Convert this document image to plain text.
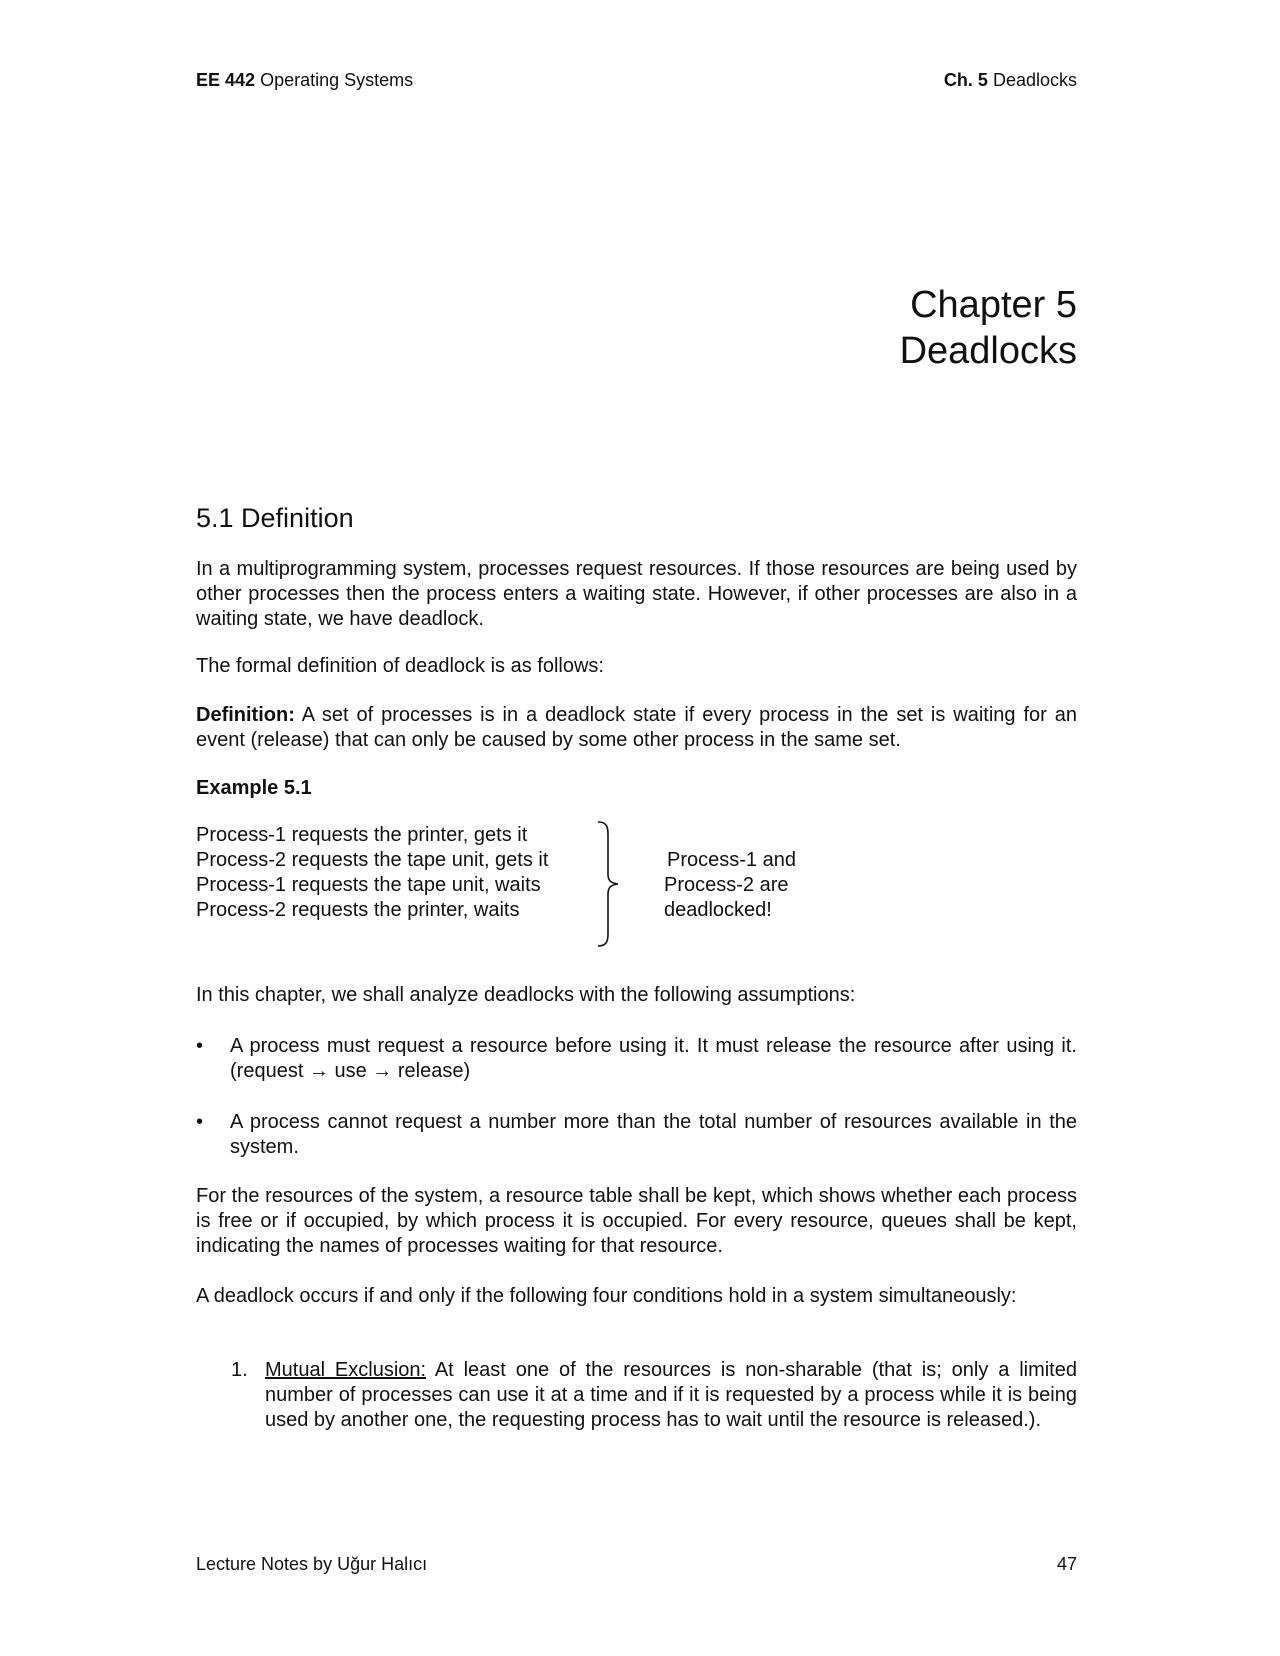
EE 442 Operating Systems	Ch. 5 Deadlocks
Chapter 5
Deadlocks
5.1 Definition

In a multiprogramming system, processes request resources. If those resources are being used by other processes then the process enters a waiting state. However, if other processes are also in a waiting state, we have deadlock.

The formal definition of deadlock is as follows:

Definition: A set of processes is in a deadlock state if every process in the set is waiting for an event (release) that can only be caused by some other process in the same set.

Example 5.1
Process-1 requests the printer, gets it
Process-2 requests the tape unit, gets it
Process-1 requests the tape unit, waits
Process-2 requests the printer, waits
Process-1 and
Process-2 are
deadlocked!

In this chapter, we shall analyze deadlocks with the following assumptions:

• A process must request a resource before using it. It must release the resource after using it. (request → use → release)

• A process cannot request a number more than the total number of resources available in the system.

For the resources of the system, a resource table shall be kept, which shows whether each process is free or if occupied, by which process it is occupied. For every resource, queues shall be kept, indicating the names of processes waiting for that resource.

A deadlock occurs if and only if the following four conditions hold in a system simultaneously:

1. Mutual Exclusion: At least one of the resources is non-sharable (that is; only a limited number of processes can use it at a time and if it is requested by a process while it is being used by another one, the requesting process has to wait until the resource is released.).

Lecture Notes by Uğur Halıcı	47
